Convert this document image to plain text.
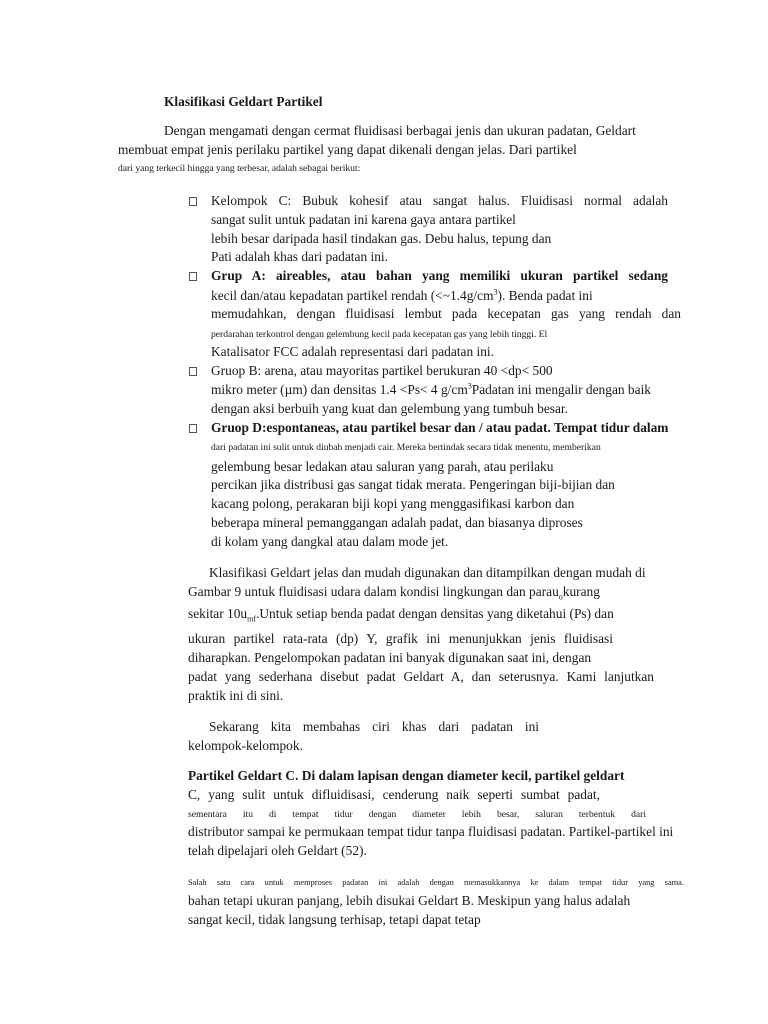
Klasifikasi Geldart Partikel
Dengan mengamati dengan cermat fluidisasi berbagai jenis dan ukuran padatan, Geldart
membuat empat jenis perilaku partikel yang dapat dikenali dengan jelas. Dari partikel
dari yang terkecil hingga yang terbesar, adalah sebagai berikut:
Kelompok C: Bubuk kohesif atau sangat halus. Fluidisasi normal adalah
sangat sulit untuk padatan ini karena gaya antara partikel
lebih besar daripada hasil tindakan gas. Debu halus, tepung dan
Pati adalah khas dari padatan ini.
Grup A: aireables, atau bahan yang memiliki ukuran partikel sedang
kecil dan/atau kepadatan partikel rendah $(<\sim 1.4g/cm^3)$. Benda padat ini
memudahkan, dengan fluidisasi lembut pada kecepatan gas yang rendah dan
perdarahan terkontrol dengan gelembung kecil pada kecepatan gas yang lebih tinggi. El
Katalisator FCC adalah representasi dari padatan ini.
Gruop B: arena, atau mayoritas partikel berukuran 40 <dp< 500
mikro meter (µm) dan densitas 1.4 <Ps< 4 $g/cm^3Padatan$ ini mengalir dengan baik
dengan aksi berbuih yang kuat dan gelembung yang tumbuh besar.
Gruop D:espontaneas, atau partikel besar dan / atau padat. Tempat tidur dalam
dari padatan ini sulit untuk diubah menjadi cair. Mereka bertindak secara tidak menentu, memberikan
gelembung besar ledakan atau saluran yang parah, atau perilaku
percikan jika distribusi gas sangat tidak merata. Pengeringan biji-bijian dan
kacang polong, perakaran biji kopi yang menggasifikasi karbon dan
beberapa mineral pemanggangan adalah padat, dan biasanya diproses
di kolam yang dangkal atau dalam mode jet.
Klasifikasi Geldart jelas dan mudah digunakan dan ditampilkan dengan mudah di
Gambar 9 untuk fluidisasi udara dalam kondisi lingkungan dan parau$_o$kurang
sekitar $10u_{mf}.Untuk$ setiap benda padat dengan densitas yang diketahui (Ps) dan
ukuran partikel rata-rata (dp) Y, grafik ini menunjukkan jenis fluidisasi
diharapkan. Pengelompokan padatan ini banyak digunakan saat ini, dengan
padat yang sederhana disebut padat Geldart A, dan seterusnya. Kami lanjutkan
praktik ini di sini.
Sekarang kita membahas ciri khas dari padatan ini
kelompok-kelompok.
Partikel Geldart C. Di dalam lapisan dengan diameter kecil, partikel geldart
C, yang sulit untuk difluidisasi, cenderung naik seperti sumbat padat,
sementara itu di tempat tidur dengan diameter lebih besar, saluran terbentuk dari
distributor sampai ke permukaan tempat tidur tanpa fluidisasi padatan. Partikel-partikel ini
telah dipelajari oleh Geldart (52).
Salah satu cara untuk memproses padatan ini adalah dengan memasukkannya ke dalam tempat tidur yang sama.
bahan tetapi ukuran panjang, lebih disukai Geldart B. Meskipun yang halus adalah
sangat kecil, tidak langsung terhisap, tetapi dapat tetap
